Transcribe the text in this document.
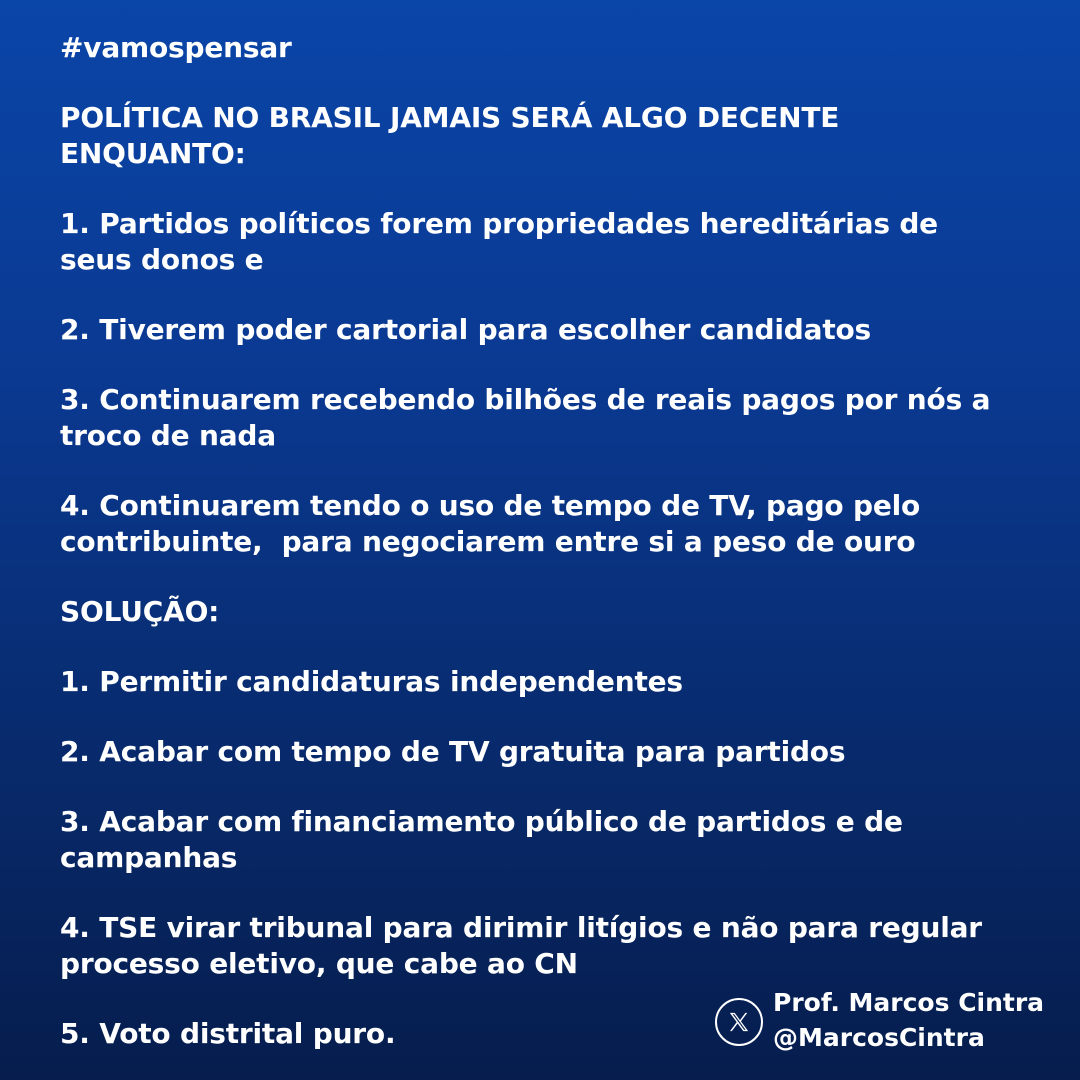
#vamospensar
POLÍTICA NO BRASIL JAMAIS SERÁ ALGO DECENTE
ENQUANTO:
1. Partidos políticos forem propriedades hereditárias de
seus donos e
2. Tiverem poder cartorial para escolher candidatos
3. Continuarem recebendo bilhões de reais pagos por nós a
troco de nada
4. Continuarem tendo o uso de tempo de TV, pago pelo
contribuinte,  para negociarem entre si a peso de ouro
SOLUÇÃO:
1. Permitir candidaturas independentes
2. Acabar com tempo de TV gratuita para partidos
3. Acabar com financiamento público de partidos e de
campanhas
4. TSE virar tribunal para dirimir litígios e não para regular
processo eletivo, que cabe ao CN
5. Voto distrital puro.
Prof. Marcos Cintra
@MarcosCintra
